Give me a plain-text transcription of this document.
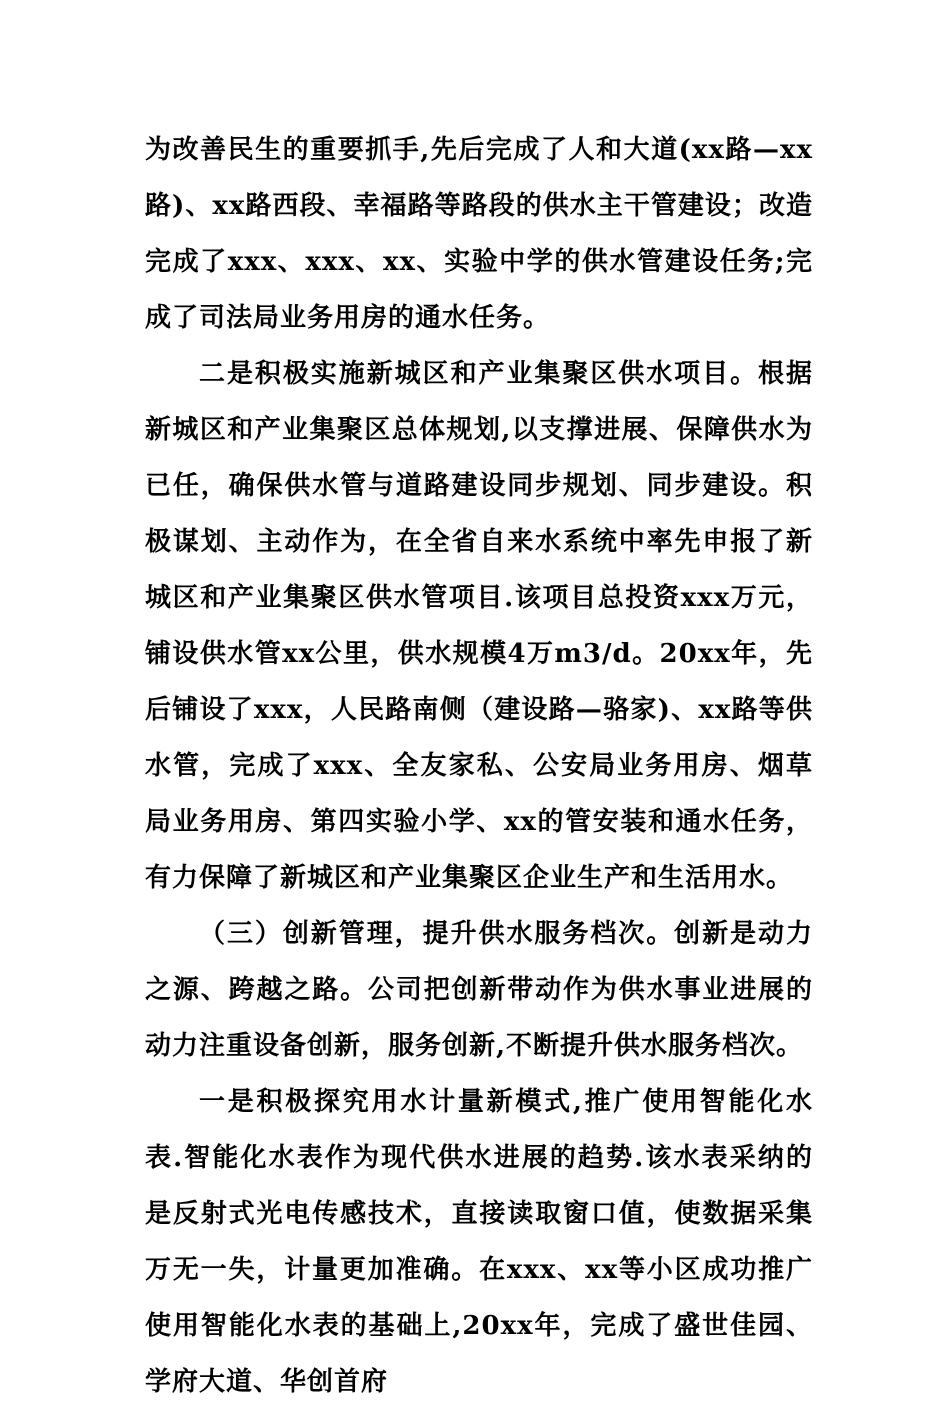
为改善民生的重要抓手,先后完成了人和大道(xx路—xx路)、xx路西段、幸福路等路段的供水主干管建设；改造完成了xxx、xxx、xx、实验中学的供水管建设任务;完成了司法局业务用房的通水任务。

二是积极实施新城区和产业集聚区供水项目。根据新城区和产业集聚区总体规划,以支撑进展、保障供水为已任，确保供水管与道路建设同步规划、同步建设。积极谋划、主动作为，在全省自来水系统中率先申报了新城区和产业集聚区供水管项目.该项目总投资xxx万元，铺设供水管xx公里，供水规模4万m3/d。20xx年，先后铺设了xxx，人民路南侧（建设路—骆家)、xx路等供水管，完成了xxx、全友家私、公安局业务用房、烟草局业务用房、第四实验小学、xx的管安装和通水任务，有力保障了新城区和产业集聚区企业生产和生活用水。

（三）创新管理，提升供水服务档次。创新是动力之源、跨越之路。公司把创新带动作为供水事业进展的动力注重设备创新，服务创新,不断提升供水服务档次。

一是积极探究用水计量新模式,推广使用智能化水表.智能化水表作为现代供水进展的趋势.该水表采纳的是反射式光电传感技术，直接读取窗口值，使数据采集万无一失，计量更加准确。在xxx、xx等小区成功推广使用智能化水表的基础上,20xx年，完成了盛世佳园、学府大道、华创首府
